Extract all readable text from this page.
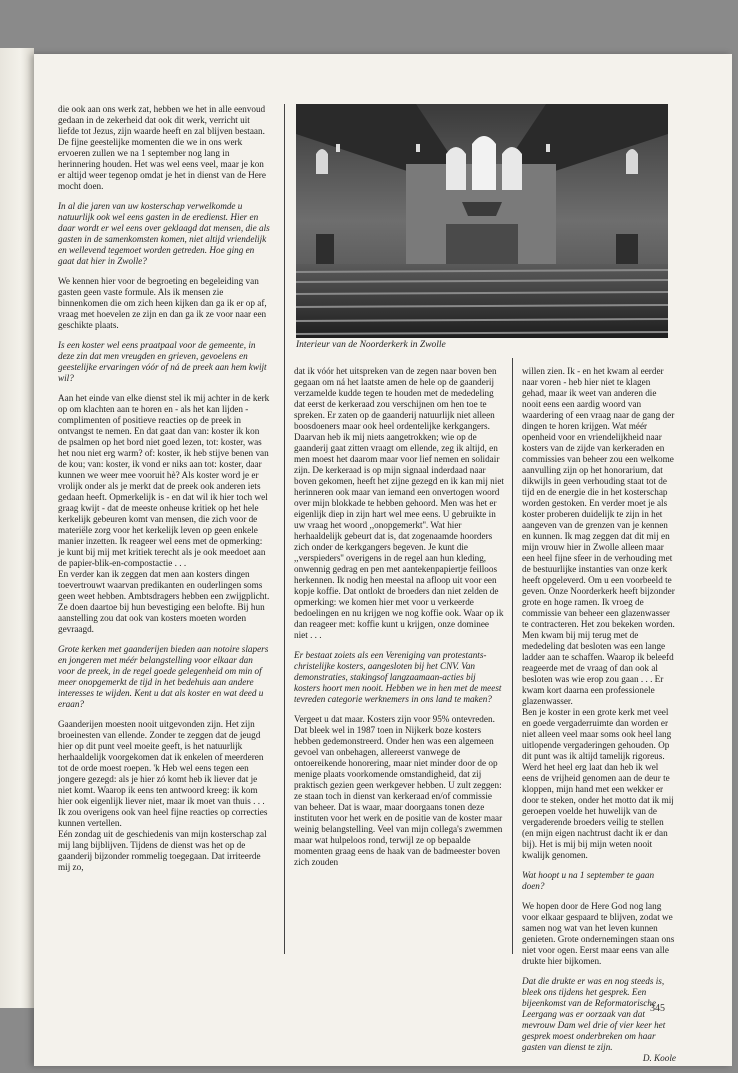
die ook aan ons werk zat, hebben we het in alle eenvoud gedaan in de zekerheid dat ook dit werk, verricht uit liefde tot Jezus, zijn waarde heeft en zal blijven bestaan. De fijne geestelijke momenten die we in ons werk ervoeren zullen we na 1 september nog lang in herinnering houden. Het was wel eens veel, maar je kon er altijd weer tegenop omdat je het in dienst van de Here mocht doen.

In al die jaren van uw kosterschap verwelkomde u natuurlijk ook wel eens gasten in de eredienst. Hier en daar wordt er wel eens over geklaagd dat mensen, die als gasten in de samenkomsten komen, niet altijd vriendelijk en wellevend tegemoet worden getreden. Hoe ging en gaat dat hier in Zwolle?

We kennen hier voor de begroeting en begeleiding van gasten geen vaste formule. Als ik mensen zie binnenkomen die om zich heen kijken dan ga ik er op af, vraag met hoevelen ze zijn en dan ga ik ze voor naar een geschikte plaats.

Is een koster wel eens praatpaal voor de gemeente, in deze zin dat men vreugden en grieven, gevoelens en geestelijke ervaringen vóór of ná de preek aan hem kwijt wil?

Aan het einde van elke dienst stel ik mij achter in de kerk op om klachten aan te horen en - als het kan lijden - complimenten of positieve reacties op de preek in ontvangst te nemen. En dat gaat dan van: koster ik kon de psalmen op het bord niet goed lezen, tot: koster, was het nou niet erg warm? of: koster, ik heb stijve benen van de kou; van: koster, ik vond er niks aan tot: koster, daar kunnen we weer mee vooruit hè? Als koster word je er vrolijk onder als je merkt dat de preek ook anderen iets gedaan heeft. Opmerkelijk is - en dat wil ik hier toch wel graag kwijt - dat de meeste onheuse kritiek op het hele kerkelijk gebeuren komt van mensen, die zich voor de materiële zorg voor het kerkelijk leven op geen enkele manier inzetten. Ik reageer wel eens met de opmerking: je kunt bij mij met kritiek terecht als je ook meedoet aan de papier-blik-en-compostactie . . .

En verder kan ik zeggen dat men aan kosters dingen toevertrouwt waarvan predikanten en ouderlingen soms geen weet hebben. Ambtsdragers hebben een zwijgplicht. Ze doen daartoe bij hun bevestiging een belofte. Bij hun aanstelling zou dat ook van kosters moeten worden gevraagd.

Grote kerken met gaanderijen bieden aan notoire slapers en jongeren met méér belangstelling voor elkaar dan voor de preek, in de regel goede gelegenheid om min of meer onopgemerkt de tijd in het bedehuis aan andere interesses te wijden. Kent u dat als koster en wat deed u eraan?

Gaanderijen moesten nooit uitgevonden zijn. Het zijn broeinesten van ellende. Zonder te zeggen dat de jeugd hier op dit punt veel moeite geeft, is het natuurlijk herhaaldelijk voorgekomen dat ik enkelen of meerderen tot de orde moest roepen. 'k Heb wel eens tegen een jongere gezegd: als je hier zó komt heb ik liever dat je niet komt. Waarop ik eens ten antwoord kreeg: ik kom hier ook eigenlijk liever niet, maar ik moet van thuis . . . Ik zou overigens ook van heel fijne reacties op correcties kunnen vertellen.

Eén zondag uit de geschiedenis van mijn kosterschap zal mij lang bijblijven. Tijdens de dienst was het op de gaanderij bijzonder rommelig toegegaan. Dat irriteerde mij zo,

Interieur van de Noorderkerk in Zwolle

dat ik vóór het uitspreken van de zegen naar boven ben gegaan om ná het laatste amen de hele op de gaanderij verzamelde kudde tegen te houden met de mededeling dat eerst de kerkeraad zou verschijnen om hen toe te spreken. Er zaten op de gaanderij natuurlijk niet alleen boosdoeners maar ook heel ordentelijke kerkgangers. Daarvan heb ik mij niets aangetrokken; wie op de gaanderij gaat zitten vraagt om ellende, zeg ik altijd, en men moest het daarom maar voor lief nemen en solidair zijn. De kerkeraad is op mijn signaal inderdaad naar boven gekomen, heeft het zijne gezegd en ik kan mij niet herinneren ook maar van iemand een onvertogen woord over mijn blokkade te hebben gehoord. Men was het er eigenlijk diep in zijn hart wel mee eens. U gebruikte in uw vraag het woord ,,onopgemerkt''. Wat hier herhaaldelijk gebeurt dat is, dat zogenaamde hoorders zich onder de kerkgangers begeven. Je kunt die ,,verspieders'' overigens in de regel aan hun kleding, onwennig gedrag en pen met aantekenpapiertje feilloos herkennen. Ik nodig hen meestal na afloop uit voor een kopje koffie. Dat ontlokt de broeders dan niet zelden de opmerking: we komen hier met voor u verkeerde bedoelingen en nu krijgen we nog koffie ook. Waar op ik dan reageer met: koffie kunt u krijgen, onze dominee niet . . .

Er bestaat zoiets als een Vereniging van protestants-christelijke kosters, aangesloten bij het CNV. Van demonstraties, stakingsof langzaamaan-acties bij kosters hoort men nooit. Hebben we in hen met de meest tevreden categorie werknemers in ons land te maken?

Vergeet u dat maar. Kosters zijn voor 95% ontevreden. Dat bleek wel in 1987 toen in Nijkerk boze kosters hebben gedemonstreerd. Onder hen was een algemeen gevoel van onbehagen, allereerst vanwege de ontoereikende honorering, maar niet minder door de op menige plaats voorkomende omstandigheid, dat zij praktisch gezien geen werkgever hebben. U zult zeggen: ze staan toch in dienst van kerkeraad en/of commissie van beheer. Dat is waar, maar doorgaans tonen deze instituten voor het werk en de positie van de koster maar weinig belangstelling. Veel van mijn collega's zwemmen maar wat hulpeloos rond, terwijl ze op bepaalde momenten graag eens de haak van de badmeester boven zich zouden

willen zien. Ik - en het kwam al eerder naar voren - heb hier niet te klagen gehad, maar ik weet van anderen die nooit eens een aardig woord van waardering of een vraag naar de gang der dingen te horen krijgen. Wat méér openheid voor en vriendelijkheid naar kosters van de zijde van kerkeraden en commissies van beheer zou een welkome aanvulling zijn op het honorarium, dat dikwijls in geen verhouding staat tot de tijd en de energie die in het kosterschap worden gestoken. En verder moet je als koster proberen duidelijk te zijn in het aangeven van de grenzen van je kennen en kunnen. Ik mag zeggen dat dit mij en mijn vrouw hier in Zwolle alleen maar een heel fijne sfeer in de verhouding met de bestuurlijke instanties van onze kerk heeft opgeleverd. Om u een voorbeeld te geven. Onze Noorderkerk heeft bijzonder grote en hoge ramen. Ik vroeg de commissie van beheer een glazenwasser te contracteren. Het zou bekeken worden. Men kwam bij mij terug met de mededeling dat besloten was een lange ladder aan te schaffen. Waarop ik beleefd reageerde met de vraag of dan ook al besloten was wie erop zou gaan . . . Er kwam kort daarna een professionele glazenwasser.

Ben je koster in een grote kerk met veel en goede vergaderruimte dan worden er niet alleen veel maar soms ook heel lang uitlopende vergaderingen gehouden. Op dit punt was ik altijd tamelijk rigoreus. Werd het heel erg laat dan heb ik wel eens de vrijheid genomen aan de deur te kloppen, mijn hand met een wekker er door te steken, onder het motto dat ik mij geroepen voelde het huwelijk van de vergaderende broeders veilig te stellen (en mijn eigen nachtrust dacht ik er dan bij). Het is mij bij mijn weten nooit kwalijk genomen.

Wat hoopt u na 1 september te gaan doen?

We hopen door de Here God nog lang voor elkaar gespaard te blijven, zodat we samen nog wat van het leven kunnen genieten. Grote ondernemingen staan ons niet voor ogen. Eerst maar eens van alle drukte hier bijkomen.

Dat die drukte er was en nog steeds is, bleek ons tijdens het gesprek. Een bijeenkomst van de Reformatorische Leergang was er oorzaak van dat mevrouw Dam wel drie of vier keer het gesprek moest onderbreken om haar gasten van dienst te zijn.

D. Koole

345
